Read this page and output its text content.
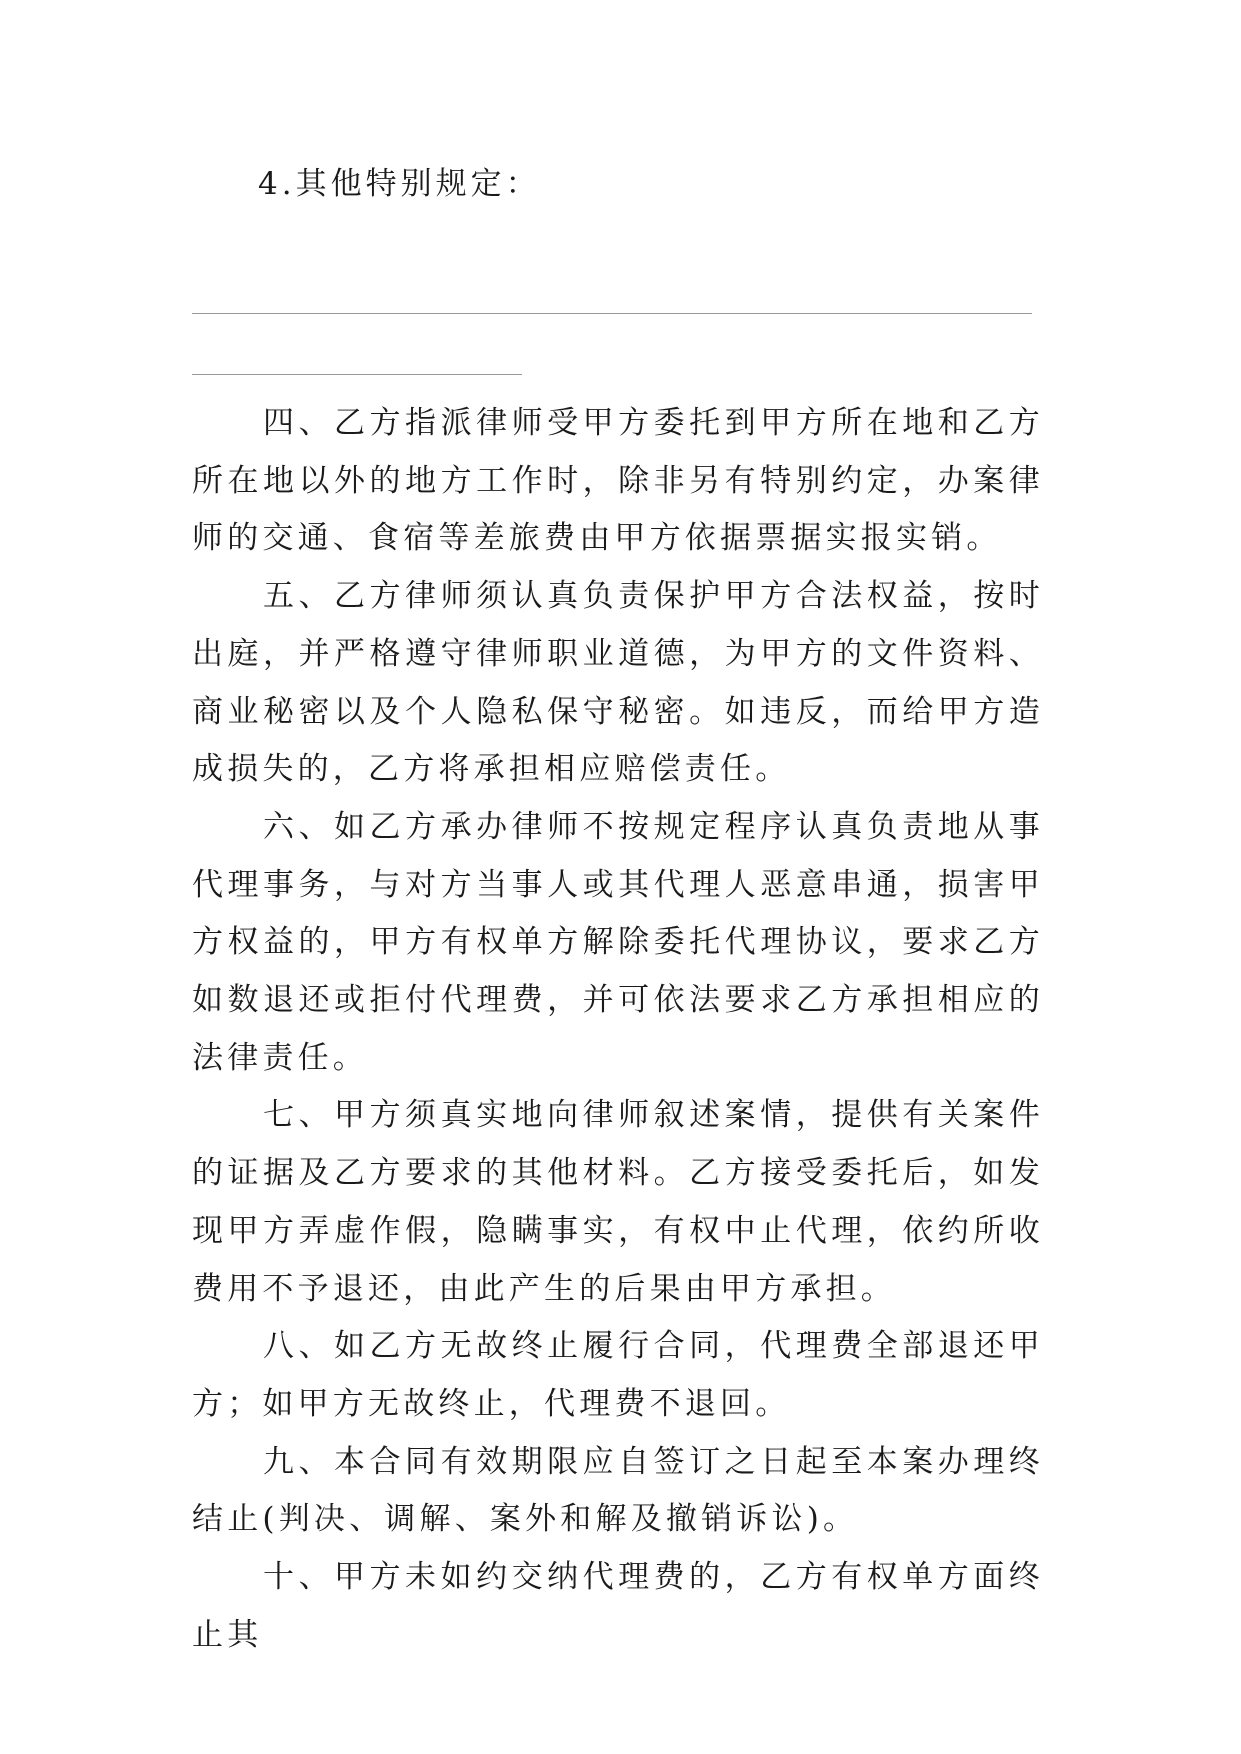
4.其他特别规定：

四、乙方指派律师受甲方委托到甲方所在地和乙方所在地以外的地方工作时，除非另有特别约定，办案律师的交通、食宿等差旅费由甲方依据票据实报实销。

五、乙方律师须认真负责保护甲方合法权益，按时出庭，并严格遵守律师职业道德，为甲方的文件资料、商业秘密以及个人隐私保守秘密。如违反，而给甲方造成损失的，乙方将承担相应赔偿责任。

六、如乙方承办律师不按规定程序认真负责地从事代理事务，与对方当事人或其代理人恶意串通，损害甲方权益的，甲方有权单方解除委托代理协议，要求乙方如数退还或拒付代理费，并可依法要求乙方承担相应的法律责任。

七、甲方须真实地向律师叙述案情，提供有关案件的证据及乙方要求的其他材料。乙方接受委托后，如发现甲方弄虚作假，隐瞒事实，有权中止代理，依约所收费用不予退还，由此产生的后果由甲方承担。

八、如乙方无故终止履行合同，代理费全部退还甲方；如甲方无故终止，代理费不退回。

九、本合同有效期限应自签订之日起至本案办理终结止(判决、调解、案外和解及撤销诉讼)。

十、甲方未如约交纳代理费的，乙方有权单方面终止其
